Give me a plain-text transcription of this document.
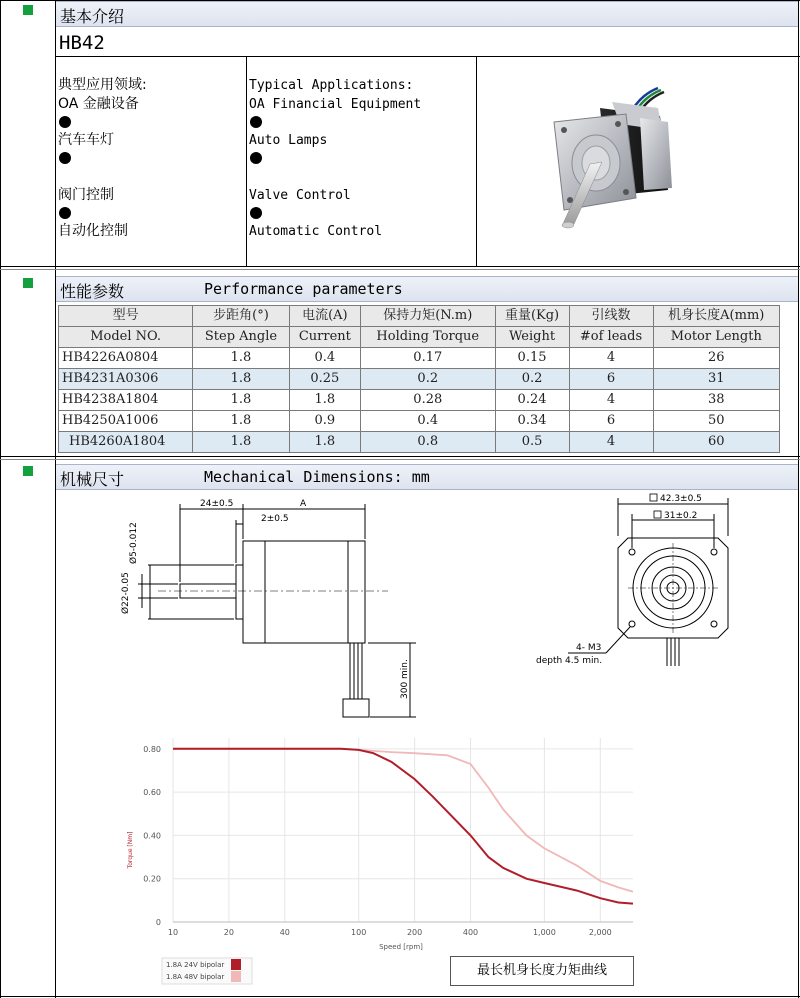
基本介绍
HB42
典型应用领域:
OA 金融设备
汽车车灯
阀门控制
自动化控制
Typical Applications:
OA Financial Equipment
Auto Lamps
Valve Control
Automatic Control
性能参数	Performance parameters
型号	步距角(°)	电流(A)	保持力矩(N.m)	重量(Kg)	引线数	机身长度A(mm)
Model NO.	Step Angle	Current	Holding Torque	Weight	#of leads	Motor Length
HB4226A0804	1.8	0.4	0.17	0.15	4	26
HB4231A0306	1.8	0.25	0.2	0.2	6	31
HB4238A1804	1.8	1.8	0.28	0.24	4	38
HB4250A1006	1.8	0.9	0.4	0.34	6	50
HB4260A1804	1.8	1.8	0.8	0.5	4	60
机械尺寸	Mechanical Dimensions: mm
24±0.5	A
2±0.5
Ø5-0.012
Ø22-0.05
300 min.
42.3±0.5
31±0.2
4- M3
depth 4.5 min.
10	20	40	100	200	400	1,000	2,000
0
0.20
0.40
0.60
0.80
Torque [Nm]
Speed [rpm]
1.8A 24V bipolar
1.8A 48V bipolar	最长机身长度力矩曲线
